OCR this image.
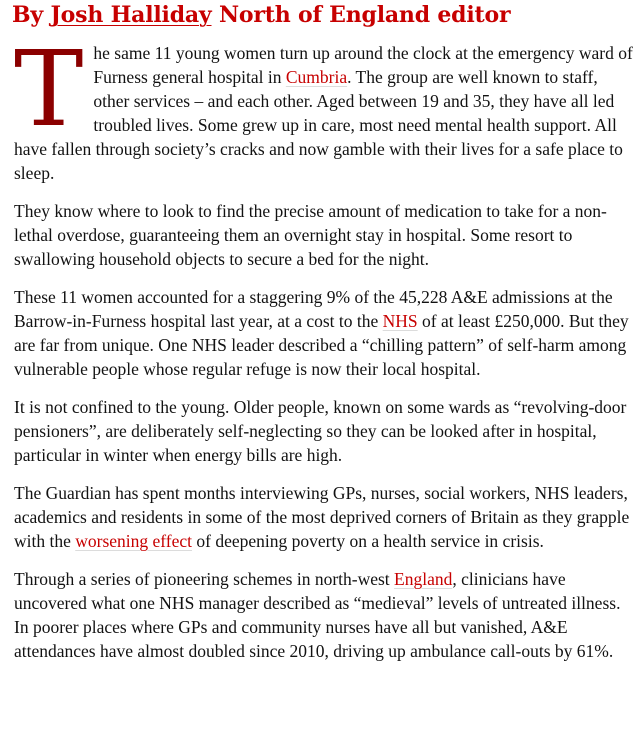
By Josh Halliday North of England editor

The same 11 young women turn up around the clock at the emergency ward of Furness general hospital in Cumbria. The group are well known to staff, other services – and each other. Aged between 19 and 35, they have all led troubled lives. Some grew up in care, most need mental health support. All have fallen through society’s cracks and now gamble with their lives for a safe place to sleep.

They know where to look to find the precise amount of medication to take for a non-lethal overdose, guaranteeing them an overnight stay in hospital. Some resort to swallowing household objects to secure a bed for the night.

These 11 women accounted for a staggering 9% of the 45,228 A&E admissions at the Barrow-in-Furness hospital last year, at a cost to the NHS of at least £250,000. But they are far from unique. One NHS leader described a “chilling pattern” of self-harm among vulnerable people whose regular refuge is now their local hospital.

It is not confined to the young. Older people, known on some wards as “revolving-door pensioners”, are deliberately self-neglecting so they can be looked after in hospital, particular in winter when energy bills are high.

The Guardian has spent months interviewing GPs, nurses, social workers, NHS leaders, academics and residents in some of the most deprived corners of Britain as they grapple with the worsening effect of deepening poverty on a health service in crisis.

Through a series of pioneering schemes in north-west England, clinicians have uncovered what one NHS manager described as “medieval” levels of untreated illness. In poorer places where GPs and community nurses have all but vanished, A&E attendances have almost doubled since 2010, driving up ambulance call-outs by 61%.
